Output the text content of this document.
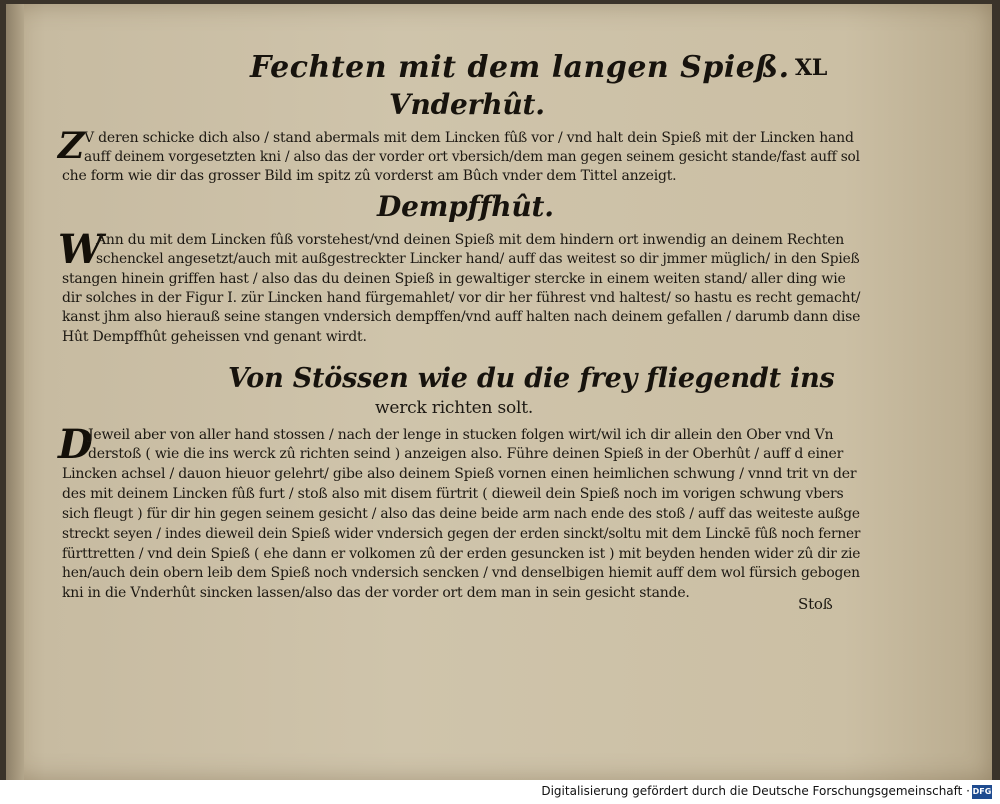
Fechten mit dem langen Spieß. XL
Vnderhût.
Z V deren schicke dich also / stand abermals mit dem Lincken fûß vor / vnd halt dein Spieß mit der Lincken hand
auff deinem vorgesetzten kni / also das der vorder ort vbersich/dem man gegen seinem gesicht stande/fast auff sol
che form wie dir das grosser Bild im spitz zû vorderst am Bûch vnder dem Tittel anzeigt.
Dempffhût.
W
Ann du mit dem Lincken fûß vorstehest/vnd deinen Spieß mit dem hindern ort inwendig an deinem Rechten
schenckel angesetzt/auch mit außgestreckter Lincker hand/ auff das weitest so dir jmmer müglich/ in den Spieß
stangen hinein griffen hast / also das du deinen Spieß in gewaltiger stercke in einem weiten stand/ aller ding wie
dir solches in der Figur I. zür Lincken hand fürgemahlet/ vor dir her führest vnd haltest/ so hastu es recht gemacht/
kanst jhm also hierauß seine stangen vndersich dempffen/vnd auff halten nach deinem gefallen / darumb dann dise
Hût Dempffhût geheissen vnd genant wirdt.
Von Stössen wie du die frey fliegendt ins
werck richten solt.
D
Jeweil aber von aller hand stossen / nach der lenge in stucken folgen wirt/wil ich dir allein den Ober vnd Vn
derstoß ( wie die ins werck zû richten seind ) anzeigen also. Führe deinen Spieß in der Oberhût / auff d einer
Lincken achsel / dauon hieuor gelehrt/ gibe also deinem Spieß vornen einen heimlichen schwung / vnnd trit vn der
des mit deinem Lincken fûß furt / stoß also mit disem fürtrit ( dieweil dein Spieß noch im vorigen schwung vbers
sich fleugt ) für dir hin gegen seinem gesicht / also das deine beide arm nach ende des stoß / auff das weiteste außge
streckt seyen / indes dieweil dein Spieß wider vndersich gegen der erden sinckt/soltu mit dem Linckē fûß noch ferner
fürttretten / vnd dein Spieß ( ehe dann er volkomen zû der erden gesuncken ist ) mit beyden henden wider zû dir zie
hen/auch dein obern leib dem Spieß noch vndersich sencken / vnd denselbigen hiemit auff dem wol fürsich gebogen
kni in die Vnderhût sincken lassen/also das der vorder ort dem man in sein gesicht stande.
Stoß
Digitalisierung gefördert durch die Deutsche Forschungsgemeinschaft · DFG
